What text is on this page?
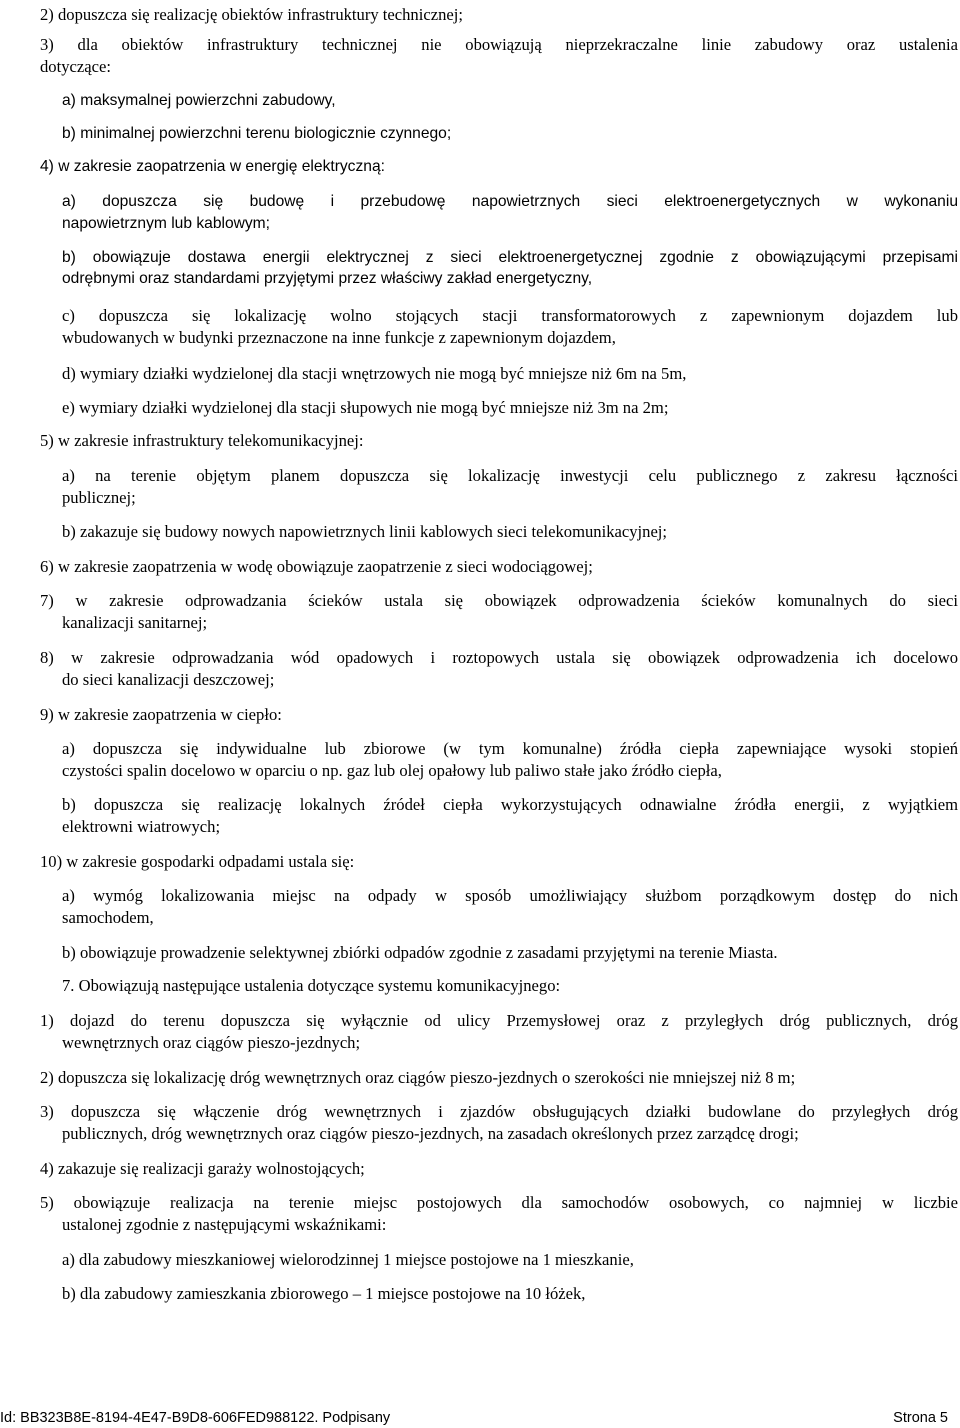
2) dopuszcza się realizację obiektów infrastruktury technicznej;
3) dla obiektów infrastruktury technicznej nie obowiązują nieprzekraczalne linie zabudowy oraz ustalenia
dotyczące:
a) maksymalnej powierzchni zabudowy,
b) minimalnej powierzchni terenu biologicznie czynnego;
4) w zakresie zaopatrzenia w energię elektryczną:
a) dopuszcza się budowę i przebudowę napowietrznych sieci elektroenergetycznych w wykonaniu
napowietrznym lub kablowym;
b) obowiązuje dostawa energii elektrycznej z sieci elektroenergetycznej zgodnie z obowiązującymi przepisami
odrębnymi oraz standardami przyjętymi przez właściwy zakład energetyczny,
c) dopuszcza się lokalizację wolno stojących stacji transformatorowych z zapewnionym dojazdem lub
wbudowanych w budynki przeznaczone na inne funkcje z zapewnionym dojazdem,
d) wymiary działki wydzielonej dla stacji wnętrzowych nie mogą być mniejsze niż 6m na 5m,
e) wymiary działki wydzielonej dla stacji słupowych nie mogą być mniejsze niż 3m na 2m;
5) w zakresie infrastruktury telekomunikacyjnej:
a) na terenie objętym planem dopuszcza się lokalizację inwestycji celu publicznego z zakresu łączności
publicznej;
b) zakazuje się budowy nowych napowietrznych linii kablowych sieci telekomunikacyjnej;
6) w zakresie zaopatrzenia w wodę obowiązuje zaopatrzenie z sieci wodociągowej;
7) w zakresie odprowadzania ścieków ustala się obowiązek odprowadzenia ścieków komunalnych do sieci
kanalizacji sanitarnej;
8) w zakresie odprowadzania wód opadowych i roztopowych ustala się obowiązek odprowadzenia ich docelowo
do sieci kanalizacji deszczowej;
9) w zakresie zaopatrzenia w ciepło:
a) dopuszcza się indywidualne lub zbiorowe (w tym komunalne) źródła ciepła zapewniające wysoki stopień
czystości spalin docelowo w oparciu o np. gaz lub olej opałowy lub paliwo stałe jako źródło ciepła,
b) dopuszcza się realizację lokalnych źródeł ciepła wykorzystujących odnawialne źródła energii, z wyjątkiem
elektrowni wiatrowych;
10) w zakresie gospodarki odpadami ustala się:
a) wymóg lokalizowania miejsc na odpady w sposób umożliwiający służbom porządkowym dostęp do nich
samochodem,
b) obowiązuje prowadzenie selektywnej zbiórki odpadów zgodnie z zasadami przyjętymi na terenie Miasta.
7. Obowiązują następujące ustalenia dotyczące systemu komunikacyjnego:
1) dojazd do terenu dopuszcza się wyłącznie od ulicy Przemysłowej oraz z przyległych dróg publicznych, dróg
wewnętrznych oraz ciągów pieszo-jezdnych;
2) dopuszcza się lokalizację dróg wewnętrznych oraz ciągów pieszo-jezdnych o szerokości nie mniejszej niż 8 m;
3) dopuszcza się włączenie dróg wewnętrznych i zjazdów obsługujących działki budowlane do przyległych dróg
publicznych, dróg wewnętrznych oraz ciągów pieszo-jezdnych, na zasadach określonych przez zarządcę drogi;
4) zakazuje się realizacji garaży wolnostojących;
5) obowiązuje realizacja na terenie miejsc postojowych dla samochodów osobowych, co najmniej w liczbie
ustalonej zgodnie z następującymi wskaźnikami:
a) dla zabudowy mieszkaniowej wielorodzinnej 1 miejsce postojowe na 1 mieszkanie,
b) dla zabudowy zamieszkania zbiorowego – 1 miejsce postojowe na 10 łóżek,
Id: BB323B8E-8194-4E47-B9D8-606FED988122. Podpisany	Strona 5
